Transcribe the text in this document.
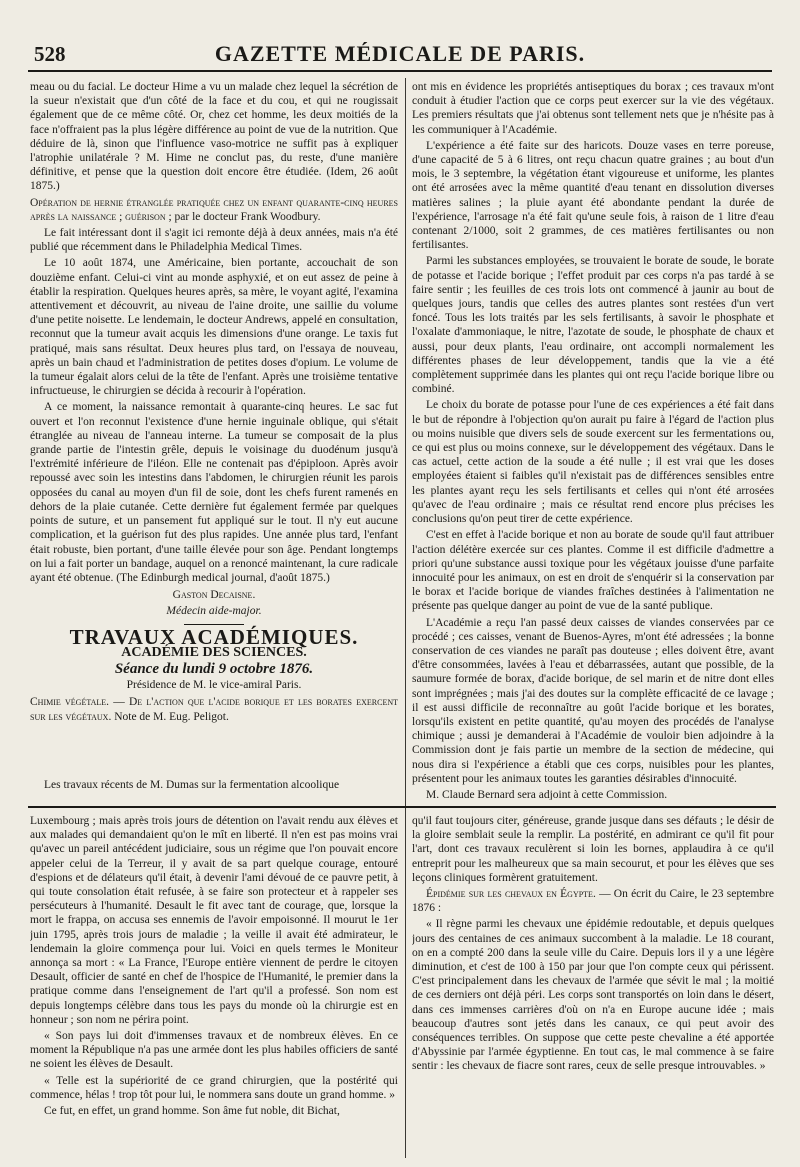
528	GAZETTE MÉDICALE DE PARIS.

meau ou du facial. Le docteur Hime a vu un malade chez lequel la sécrétion de la sueur n'existait que d'un côté de la face et du cou, et qui ne rougissait également que de ce même côté. Or, chez cet homme, les deux moitiés de la face n'offraient pas la plus légère différence au point de vue de la nutrition. Que déduire de là, sinon que l'influence vaso-motrice ne suffit pas à expliquer l'atrophie unilatérale ? M. Hime ne conclut pas, du reste, d'une manière définitive, et pense que la question doit encore être étudiée. (Idem, 26 août 1875.)

Opération de hernie étranglée pratiquée chez un enfant quarante-cinq heures après la naissance ; guérison ; par le docteur Frank Woodbury.

Le fait intéressant dont il s'agit ici remonte déjà à deux années, mais n'a été publié que récemment dans le Philadelphia Medical Times.

Le 10 août 1874, une Américaine, bien portante, accouchait de son douzième enfant. Celui-ci vint au monde asphyxié, et on eut assez de peine à établir la respiration. Quelques heures après, sa mère, le voyant agité, l'examina attentivement et découvrit, au niveau de l'aine droite, une saillie du volume d'une petite noisette. Le lendemain, le docteur Andrews, appelé en consultation, reconnut que la tumeur avait acquis les dimensions d'une orange. Le taxis fut pratiqué, mais sans résultat. Deux heures plus tard, on l'essaya de nouveau, après un bain chaud et l'administration de petites doses d'opium. Le volume de la tumeur égalait alors celui de la tête de l'enfant. Après une troisième tentative infructueuse, le chirurgien se décida à recourir à l'opération.

A ce moment, la naissance remontait à quarante-cinq heures. Le sac fut ouvert et l'on reconnut l'existence d'une hernie inguinale oblique, qui s'était étranglée au niveau de l'anneau interne. La tumeur se composait de la plus grande partie de l'intestin grêle, depuis le voisinage du duodénum jusqu'à l'extrémité inférieure de l'iléon. Elle ne contenait pas d'épiploon. Après avoir repoussé avec soin les intestins dans l'abdomen, le chirurgien réunit les parois opposées du canal au moyen d'un fil de soie, dont les chefs furent ramenés en dehors de la plaie cutanée. Cette dernière fut également fermée par quelques points de suture, et un pansement fut appliqué sur le tout. Il n'y eut aucune complication, et la guérison fut des plus rapides. Une année plus tard, l'enfant était robuste, bien portant, d'une taille élevée pour son âge. Pendant longtemps on lui a fait porter un bandage, auquel on a renoncé maintenant, la cure radicale ayant été obtenue. (The Edinburgh medical journal, d'août 1875.)

Gaston Decaisne.

Médecin aide-major.

TRAVAUX ACADÉMIQUES.

ACADÉMIE DES SCIENCES.

Séance du lundi 9 octobre 1876.

Présidence de M. le vice-amiral Paris.

Chimie végétale. — De l'action que l'acide borique et les borates exercent sur les végétaux. Note de M. Eug. Peligot.

Les travaux récents de M. Dumas sur la fermentation alcoolique

ont mis en évidence les propriétés antiseptiques du borax ; ces travaux m'ont conduit à étudier l'action que ce corps peut exercer sur la vie des végétaux. Les premiers résultats que j'ai obtenus sont tellement nets que je n'hésite pas à les communiquer à l'Académie.

L'expérience a été faite sur des haricots. Douze vases en terre poreuse, d'une capacité de 5 à 6 litres, ont reçu chacun quatre graines ; au bout d'un mois, le 3 septembre, la végétation étant vigoureuse et uniforme, les plantes ont été arrosées avec la même quantité d'eau tenant en dissolution diverses matières salines ; la pluie ayant été abondante pendant la durée de l'expérience, l'arrosage n'a été fait qu'une seule fois, à raison de 1 litre d'eau contenant 2/1000, soit 2 grammes, de ces matières fertilisantes ou non fertilisantes.

Parmi les substances employées, se trouvaient le borate de soude, le borate de potasse et l'acide borique ; l'effet produit par ces corps n'a pas tardé à se faire sentir ; les feuilles de ces trois lots ont commencé à jaunir au bout de quelques jours, tandis que celles des autres plantes sont restées d'un vert foncé. Tous les lots traités par les sels fertilisants, à savoir le phosphate et l'oxalate d'ammoniaque, le nitre, l'azotate de soude, le phosphate de chaux et aussi, pour deux plants, l'eau ordinaire, ont accompli normalement les différentes phases de leur développement, tandis que la vie a été complètement supprimée dans les plantes qui ont reçu l'acide borique libre ou combiné.

Le choix du borate de potasse pour l'une de ces expériences a été fait dans le but de répondre à l'objection qu'on aurait pu faire à l'égard de l'action plus ou moins nuisible que divers sels de soude exercent sur les fermentations ou, ce qui est plus ou moins connexe, sur le développement des végétaux. Dans le cas actuel, cette action de la soude a été nulle ; il est vrai que les doses employées étaient si faibles qu'il n'existait pas de différences sensibles entre les plantes ayant reçu les sels fertilisants et celles qui n'ont été arrosées qu'avec de l'eau ordinaire ; mais ce résultat rend encore plus précises les conclusions qu'on peut tirer de cette expérience.

C'est en effet à l'acide borique et non au borate de soude qu'il faut attribuer l'action délétère exercée sur ces plantes. Comme il est difficile d'admettre a priori qu'une substance aussi toxique pour les végétaux jouisse d'une parfaite innocuité pour les animaux, on est en droit de s'enquérir si la conservation par le borax et l'acide borique de viandes fraîches destinées à l'alimentation ne présente pas quelque danger au point de vue de la santé publique.

L'Académie a reçu l'an passé deux caisses de viandes conservées par ce procédé ; ces caisses, venant de Buenos-Ayres, m'ont été adressées ; la bonne conservation de ces viandes ne paraît pas douteuse ; elles doivent être, avant d'être consommées, lavées à l'eau et débarrassées, autant que possible, de la saumure formée de borax, d'acide borique, de sel marin et de nitre dont elles sont imprégnées ; mais j'ai des doutes sur la complète efficacité de ce lavage ; il est aussi difficile de reconnaître au goût l'acide borique et les borates, lorsqu'ils existent en petite quantité, qu'au moyen des procédés de l'analyse chimique ; aussi je demanderai à l'Académie de vouloir bien adjoindre à la Commission dont je fais partie un membre de la section de médecine, qui nous dira si l'expérience a établi que ces corps, nuisibles pour les plantes, présentent pour les animaux toutes les garanties désirables d'innocuité.

M. Claude Bernard sera adjoint à cette Commission.

Luxembourg ; mais après trois jours de détention on l'avait rendu aux élèves et aux malades qui demandaient qu'on le mît en liberté. Il n'en est pas moins vrai qu'avec un pareil antécédent judiciaire, sous un régime que l'on pouvait encore appeler celui de la Terreur, il y avait de sa part quelque courage, entouré d'espions et de délateurs qu'il était, à devenir l'ami dévoué de ce pauvre petit, à qui toute consolation était refusée, à se faire son protecteur et à rappeler ses persécuteurs à l'humanité. Desault le fit avec tant de courage, que, lorsque la mort le frappa, on accusa ses ennemis de l'avoir empoisonné. Il mourut le 1er juin 1795, après trois jours de maladie ; la veille il avait été admirateur, le lendemain la gloire commença pour lui. Voici en quels termes le Moniteur annonça sa mort : « La France, l'Europe entière viennent de perdre le citoyen Desault, officier de santé en chef de l'hospice de l'Humanité, le premier dans la pratique comme dans l'enseignement de l'art qu'il a professé. Son nom est depuis longtemps célèbre dans tous les pays du monde où la chirurgie est en honneur ; son nom ne périra point.

« Son pays lui doit d'immenses travaux et de nombreux élèves. En ce moment la République n'a pas une armée dont les plus habiles officiers de santé ne soient les élèves de Desault.

« Telle est la supériorité de ce grand chirurgien, que la postérité qui commence, hélas ! trop tôt pour lui, le nommera sans doute un grand homme. »

Ce fut, en effet, un grand homme. Son âme fut noble, dit Bichat,

qu'il faut toujours citer, généreuse, grande jusque dans ses défauts ; le désir de la gloire semblait seule la remplir. La postérité, en admirant ce qu'il fit pour l'art, dont ces travaux reculèrent si loin les bornes, applaudira à ce qu'il entreprit pour les malheureux que sa main secourut, et pour les élèves que ses leçons cliniques formèrent gratuitement.

Épidémie sur les chevaux en Égypte. — On écrit du Caire, le 23 septembre 1876 :

« Il règne parmi les chevaux une épidémie redoutable, et depuis quelques jours des centaines de ces animaux succombent à la maladie. Le 18 courant, on en a compté 200 dans la seule ville du Caire. Depuis lors il y a une légère diminution, et c'est de 100 à 150 par jour que l'on compte ceux qui périssent. C'est principalement dans les chevaux de l'armée que sévit le mal ; la moitié de ces derniers ont déjà péri. Les corps sont transportés on loin dans le désert, dans ces immenses carrières d'où on n'a en Europe aucune idée ; mais beaucoup d'autres sont jetés dans les canaux, ce qui peut avoir des conséquences terribles. On suppose que cette peste chevaline a été apportée d'Abyssinie par l'armée égyptienne. En tout cas, le mal commence à se faire sentir : les chevaux de fiacre sont rares, ceux de selle presque introuvables. »
